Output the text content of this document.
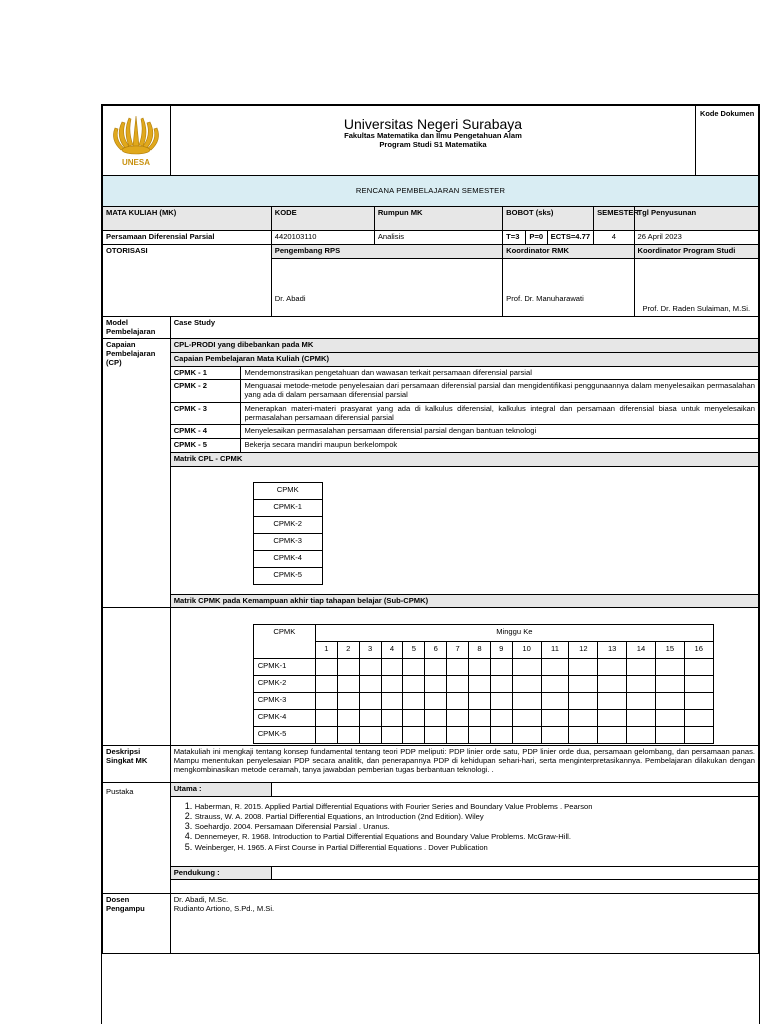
UNESA

Universitas Negeri Surabaya
Fakultas Matematika dan Ilmu Pengetahuan Alam
Program Studi S1 Matematika
	Kode Dokumen
RENCANA PEMBELAJARAN SEMESTER
MATA KULIAH (MK)	KODE	Rumpun MK	BOBOT (sks)	SEMESTER	Tgl Penyusunan
Persamaan Diferensial Parsial	4420103110	Analisis	T=3	P=0	ECTS=4.77	4	26 April 2023
OTORISASI	Pengembang RPS	Koordinator RMK	Koordinator Program Studi
Dr. Abadi	Prof. Dr. Manuharawati	Prof. Dr. Raden Sulaiman, M.Si.
Model Pembelajaran	Case Study
Capaian Pembelajaran (CP)	CPL-PRODI yang dibebankan pada MK
Capaian Pembelajaran Mata Kuliah (CPMK)
CPMK - 1	Mendemonstrasikan pengetahuan dan wawasan terkait persamaan diferensial parsial
CPMK - 2	Menguasai metode-metode penyelesaian dari persamaan diferensial parsial dan mengidentifikasi penggunaannya dalam menyelesaikan permasalahan yang ada di dalam persamaan diferensial parsial
CPMK - 3	Menerapkan materi-materi prasyarat yang ada di kalkulus diferensial, kalkulus integral dan persamaan diferensial biasa untuk menyelesaikan permasalahan persamaan diferensial parsial
CPMK - 4	Menyelesaikan permasalahan persamaan diferensial parsial dengan bantuan teknologi
CPMK - 5	Bekerja secara mandiri maupun berkelompok
Matrik CPL - CPMK

CPMK
CPMK-1
CPMK-2
CPMK-3
CPMK-4
CPMK-5

Matrik CPMK pada Kemampuan akhir tiap tahapan belajar (Sub-CPMK)

CPMK	Minggu Ke
1	2	3	4	5	6	7	8	9	10	11	12	13	14	15	16
CPMK-1																
CPMK-2																
CPMK-3																
CPMK-4																
CPMK-5																

Deskripsi Singkat MK	Matakuliah ini mengkaji tentang konsep fundamental tentang teori PDP meliputi: PDP linier orde satu, PDP linier orde dua, persamaan gelombang, dan persamaan panas. Mampu menentukan penyelesaian PDP secara analitik, dan penerapannya PDP di kehidupan sehari-hari, serta menginterpretasikannya. Pembelajaran dilakukan dengan mengkombinasikan metode ceramah, tanya jawabdan pemberian tugas berbantuan teknologi. .
Pustaka	Utama :	

1. Haberman, R. 2015. Applied Partial Differential Equations with Fourier Series and Boundary Value Problems . Pearson
2. Strauss, W. A. 2008. Partial Differential Equations, an Introduction (2nd Edition). Wiley
3. Soehardjo. 2004. Persamaan Diferensial Parsial . Uranus.
4. Dennemeyer, R. 1968. Introduction to Partial Differential Equations and Boundary Value Problems. McGraw-Hill.
5. Weinberger, H. 1965. A First Course in Partial Differential Equations . Dover Publication

Pendukung :	

Dosen Pengampu	
Dr. Abadi, M.Sc.
Rudianto Artiono, S.Pd., M.Si.
